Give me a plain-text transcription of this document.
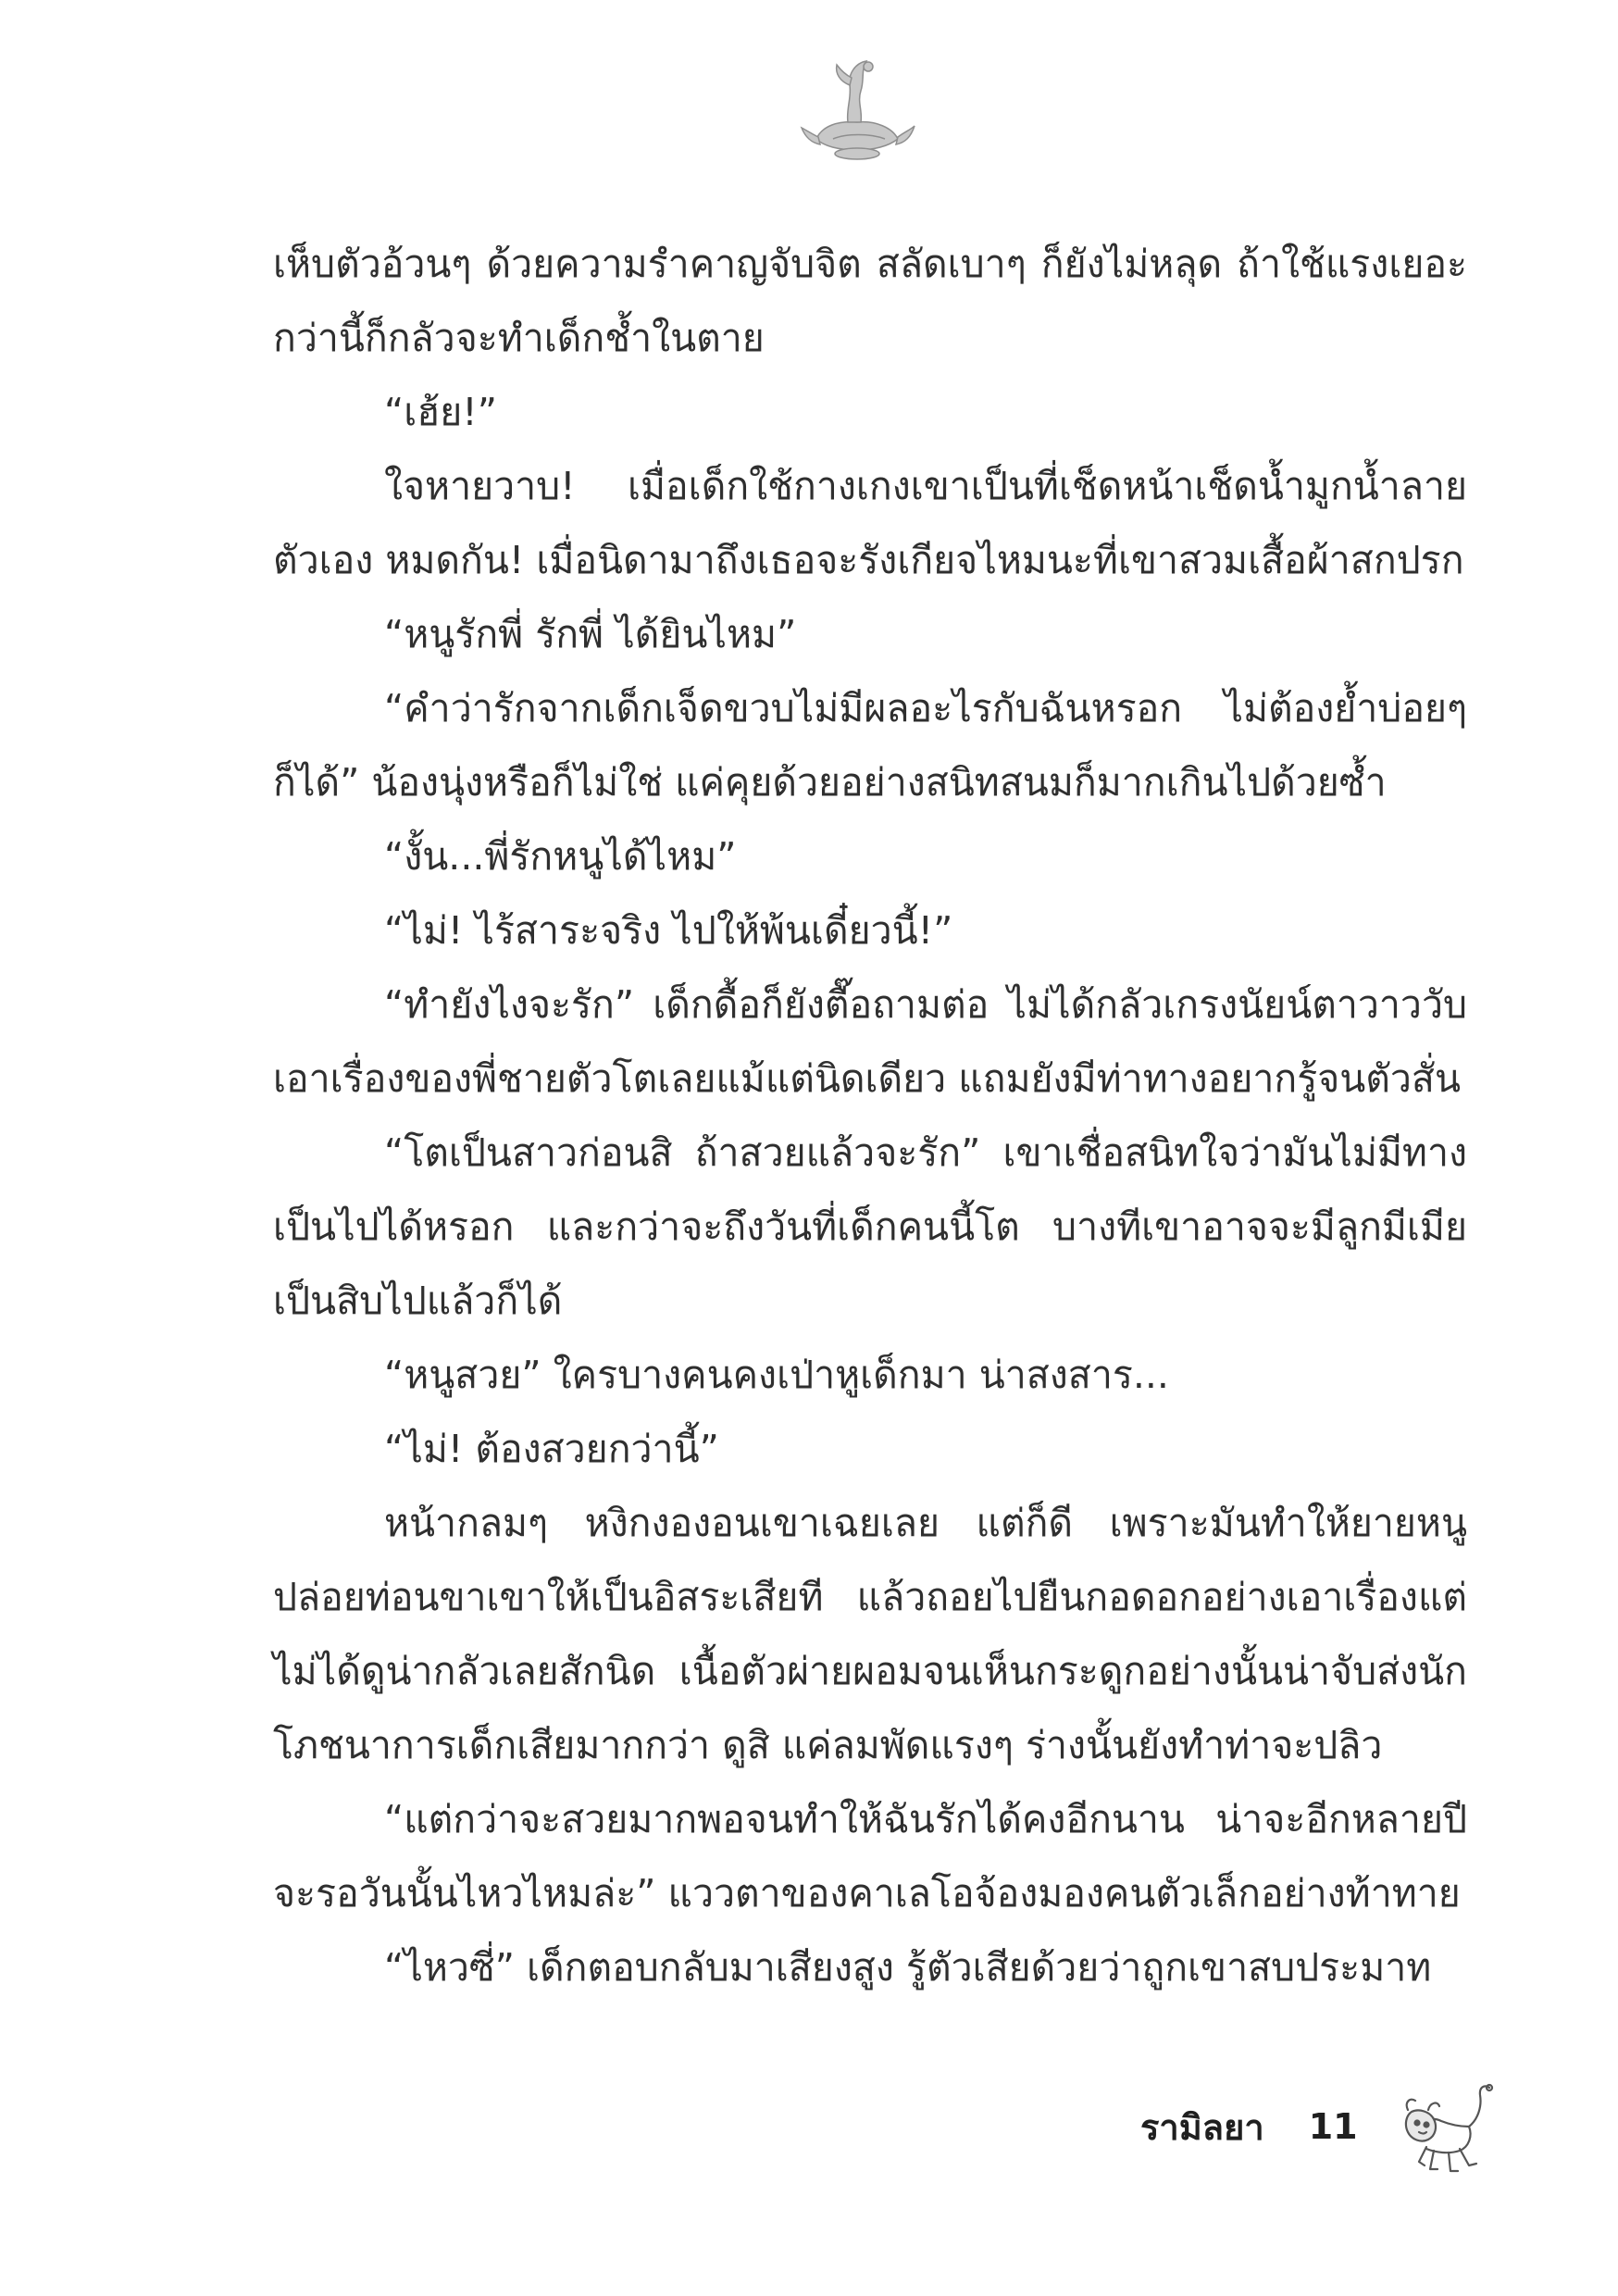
เห็บตัวอ้วนๆ ด้วยความรำคาญจับจิต สลัดเบาๆ ก็ยังไม่หลุด ถ้าใช้แรงเยอะกว่านี้ก็กลัวจะทำเด็กช้ำในตาย

“เฮ้ย!”

ใจหายวาบ! เมื่อเด็กใช้กางเกงเขาเป็นที่เช็ดหน้าเช็ดน้ำมูกน้ำลายตัวเอง หมดกัน! เมื่อนิดามาถึงเธอจะรังเกียจไหมนะที่เขาสวมเสื้อผ้าสกปรก

“หนูรักพี่ รักพี่ ได้ยินไหม”

“คำว่ารักจากเด็กเจ็ดขวบไม่มีผลอะไรกับฉันหรอก ไม่ต้องย้ำบ่อยๆ ก็ได้” น้องนุ่งหรือก็ไม่ใช่ แค่คุยด้วยอย่างสนิทสนมก็มากเกินไปด้วยซ้ำ

“งั้น...พี่รักหนูได้ไหม”

“ไม่! ไร้สาระจริง ไปให้พ้นเดี๋ยวนี้!”

“ทำยังไงจะรัก” เด็กดื้อก็ยังตื๊อถามต่อ ไม่ได้กลัวเกรงนัยน์ตาวาววับเอาเรื่องของพี่ชายตัวโตเลยแม้แต่นิดเดียว แถมยังมีท่าทางอยากรู้จนตัวสั่น

“โตเป็นสาวก่อนสิ ถ้าสวยแล้วจะรัก” เขาเชื่อสนิทใจว่ามันไม่มีทางเป็นไปได้หรอก และกว่าจะถึงวันที่เด็กคนนี้โต บางทีเขาอาจจะมีลูกมีเมียเป็นสิบไปแล้วก็ได้

“หนูสวย” ใครบางคนคงเป่าหูเด็กมา น่าสงสาร...

“ไม่! ต้องสวยกว่านี้”

หน้ากลมๆ หงิกงองอนเขาเฉยเลย แต่ก็ดี เพราะมันทำให้ยายหนูปล่อยท่อนขาเขาให้เป็นอิสระเสียที แล้วถอยไปยืนกอดอกอย่างเอาเรื่องแต่ไม่ได้ดูน่ากลัวเลยสักนิด เนื้อตัวผ่ายผอมจนเห็นกระดูกอย่างนั้นน่าจับส่งนักโภชนาการเด็กเสียมากกว่า ดูสิ แค่ลมพัดแรงๆ ร่างนั้นยังทำท่าจะปลิว

“แต่กว่าจะสวยมากพอจนทำให้ฉันรักได้คงอีกนาน น่าจะอีกหลายปีจะรอวันนั้นไหวไหมล่ะ” แววตาของคาเลโอจ้องมองคนตัวเล็กอย่างท้าทาย

“ไหวซี่” เด็กตอบกลับมาเสียงสูง รู้ตัวเสียด้วยว่าถูกเขาสบประมาท

รามิลยา 11
